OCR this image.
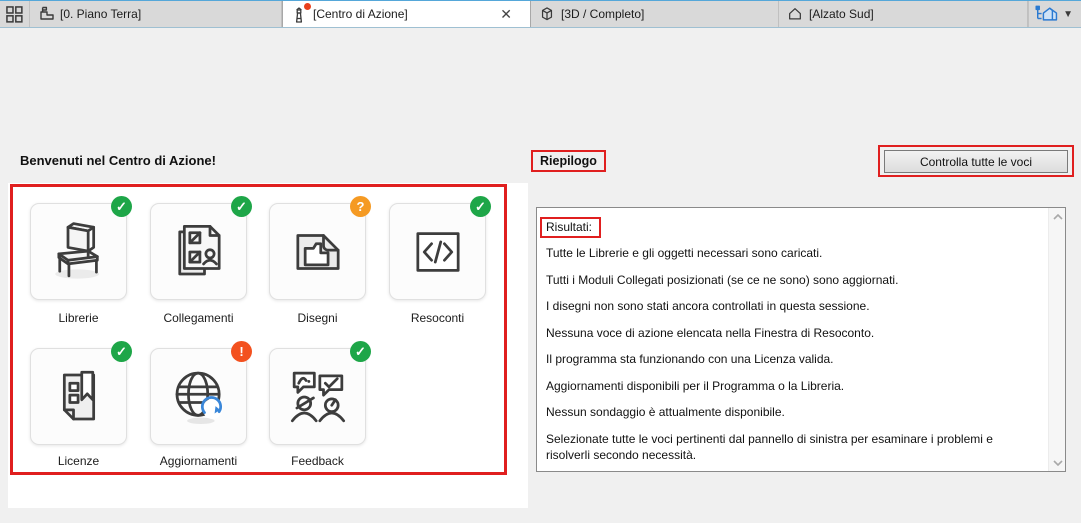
[0. Piano Terra]	[Centro di Azione]	✕	[3D / Completo]	[Alzato Sud]	▼
Benvenuti nel Centro di Azione!
✓	✓	?	✓
✓	!	✓
Librerie	Collegamenti	Disegni	Resoconti
Licenze	Aggiornamenti	Feedback
Riepilogo	Controlla tutte le voci
Risultati:

Tutte le Librerie e gli oggetti necessari sono caricati.

Tutti i Moduli Collegati posizionati (se ce ne sono) sono aggiornati.

I disegni non sono stati ancora controllati in questa sessione.

Nessuna voce di azione elencata nella Finestra di Resoconto.

Il programma sta funzionando con una Licenza valida.

Aggiornamenti disponibili per il Programma o la Libreria.

Nessun sondaggio è attualmente disponibile.

Selezionate tutte le voci pertinenti dal pannello di sinistra per esaminare i problemi e risolverli secondo necessità.
